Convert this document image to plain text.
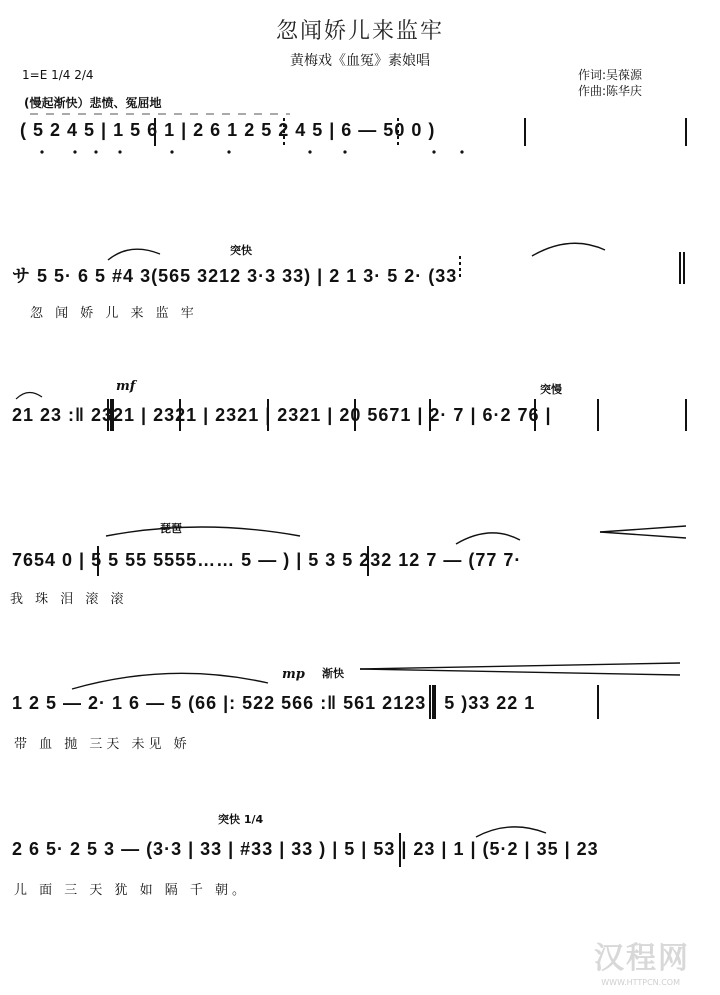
忽闻娇儿来监牢
黄梅戏《血冤》素娘唱
1=E 1/4 2/4	作词:吴葆源
作曲:陈华庆
(慢起渐快）悲愤、冤屈地
( 5 2 4 5 | 1 5 6 1 | 2 6 1 2 5 2 4 5 | 6 — 50 0 )
突快
サ 5 5· 6 5 #4 3(565 3212 3·3 33) | 2 1 3· 5 2· (33
忽 闻 娇 儿 来 监 牢
mf	突慢
21 23 :‖ 2321 | 2321 | 2321 | 2321 | 20 5671 | 2· 7 | 6·2 76 |
琵琶
7654 0 | 5 5 55 5555…… 5 — ) | 5 3 5 232 12 7 — (77 7·
我 珠 泪 滚 滚
mp 渐快
1 2 5 — 2· 1 6 — 5 (66 |: 522 566 :‖ 561 2123 | 5 )33 22 1
带 血 抛 三天 未见 娇
突快 1/4
2 6 5· 2 5 3 — (3·3 | 33 | #33 | 33 ) | 5 | 53 | 23 | 1 | (5·2 | 35 | 23
儿 面 三 天 犹 如 隔 千 朝。
汉程网
WWW.HTTPCN.COM
